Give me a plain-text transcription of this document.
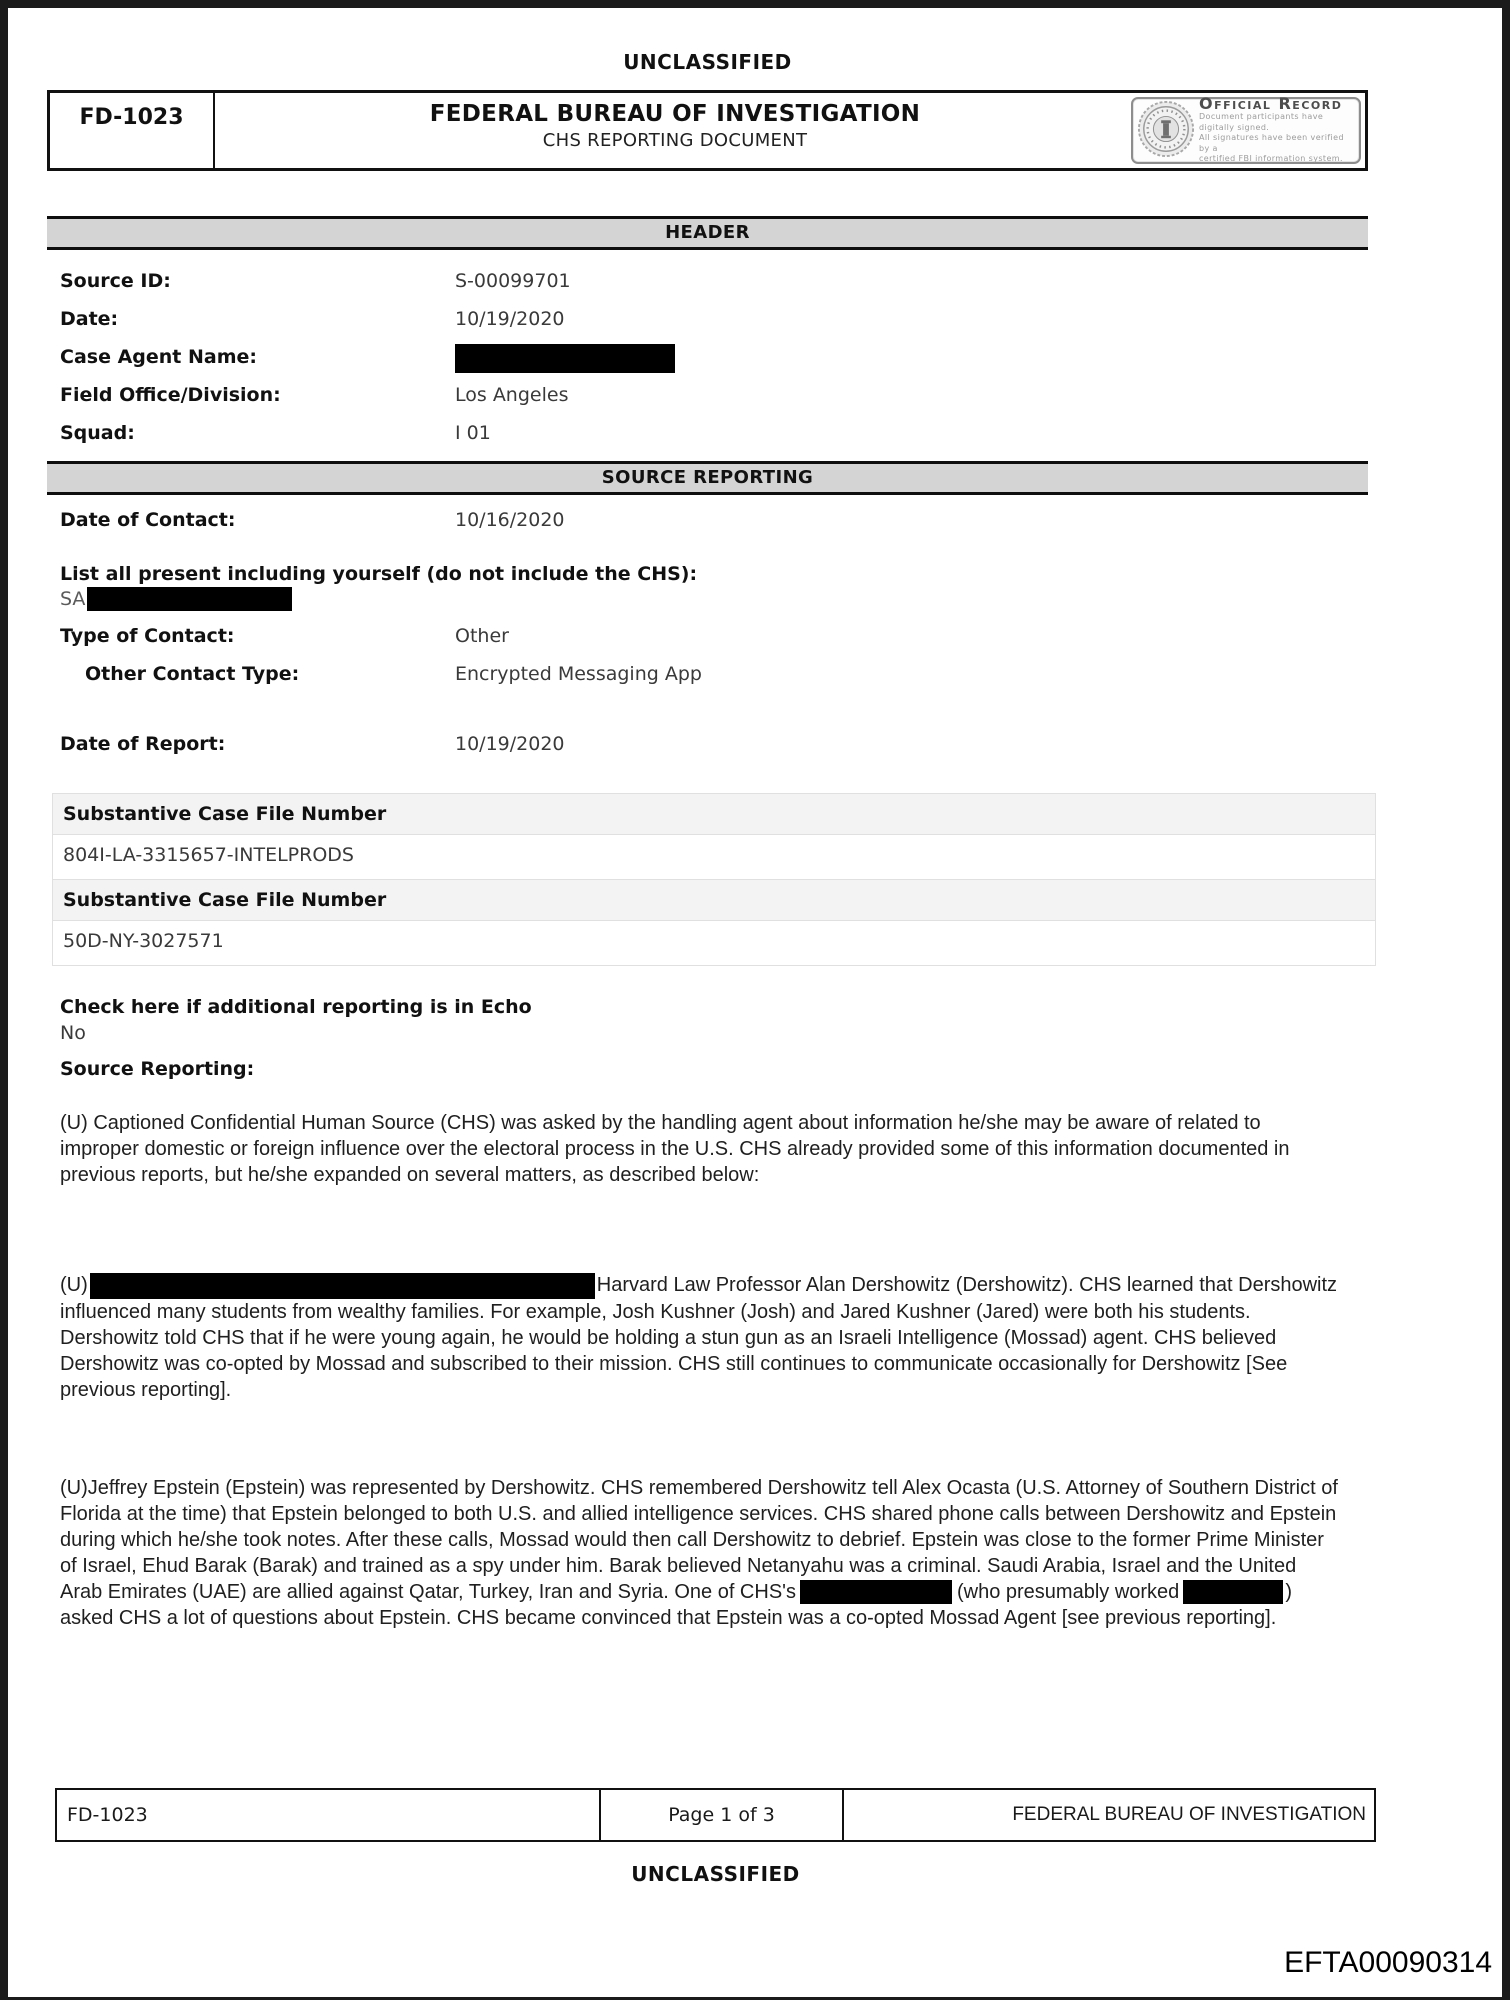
UNCLASSIFIED
FD-1023	FEDERAL BUREAU OF INVESTIGATION
CHS REPORTING DOCUMENT
Official Record
Document participants have digitally signed.
All signatures have been verified by a
certified FBI information system.
HEADER
Source ID:	S-00099701
Date:	10/19/2020
Case Agent Name:
Field Office/Division:	Los Angeles
Squad:	I 01
SOURCE REPORTING
Date of Contact:	10/16/2020
List all present including yourself (do not include the CHS):
SA
Type of Contact:	Other
Other Contact Type:	Encrypted Messaging App
Date of Report:	10/19/2020
Substantive Case File Number
804I-LA-3315657-INTELPRODS
Substantive Case File Number
50D-NY-3027571
Check here if additional reporting is in Echo
No
Source Reporting:

(U) Captioned Confidential Human Source (CHS) was asked by the handling agent about information he/she may be aware of related to improper domestic or foreign influence over the electoral process in the U.S. CHS already provided some of this information documented in previous reports, but he/she expanded on several matters, as described below:

(U)	Harvard Law Professor Alan Dershowitz (Dershowitz). CHS learned that Dershowitz influenced many students from wealthy families. For example, Josh Kushner (Josh) and Jared Kushner (Jared) were both his students. Dershowitz told CHS that if he were young again, he would be holding a stun gun as an Israeli Intelligence (Mossad) agent. CHS believed Dershowitz was co-opted by Mossad and subscribed to their mission. CHS still continues to communicate occasionally for Dershowitz [See previous reporting].

(U)Jeffrey Epstein (Epstein) was represented by Dershowitz. CHS remembered Dershowitz tell Alex Ocasta (U.S. Attorney of Southern District of Florida at the time) that Epstein belonged to both U.S. and allied intelligence services. CHS shared phone calls between Dershowitz and Epstein during which he/she took notes. After these calls, Mossad would then call Dershowitz to debrief. Epstein was close to the former Prime Minister of Israel, Ehud Barak (Barak) and trained as a spy under him. Barak believed Netanyahu was a criminal. Saudi Arabia, Israel and the United Arab Emirates (UAE) are allied against Qatar, Turkey, Iran and Syria. One of CHS's	(who presumably worked	) asked CHS a lot of questions about Epstein. CHS became convinced that Epstein was a co-opted Mossad Agent [see previous reporting].

FD-1023	Page 1 of 3	FEDERAL BUREAU OF INVESTIGATION
UNCLASSIFIED
EFTA00090314
